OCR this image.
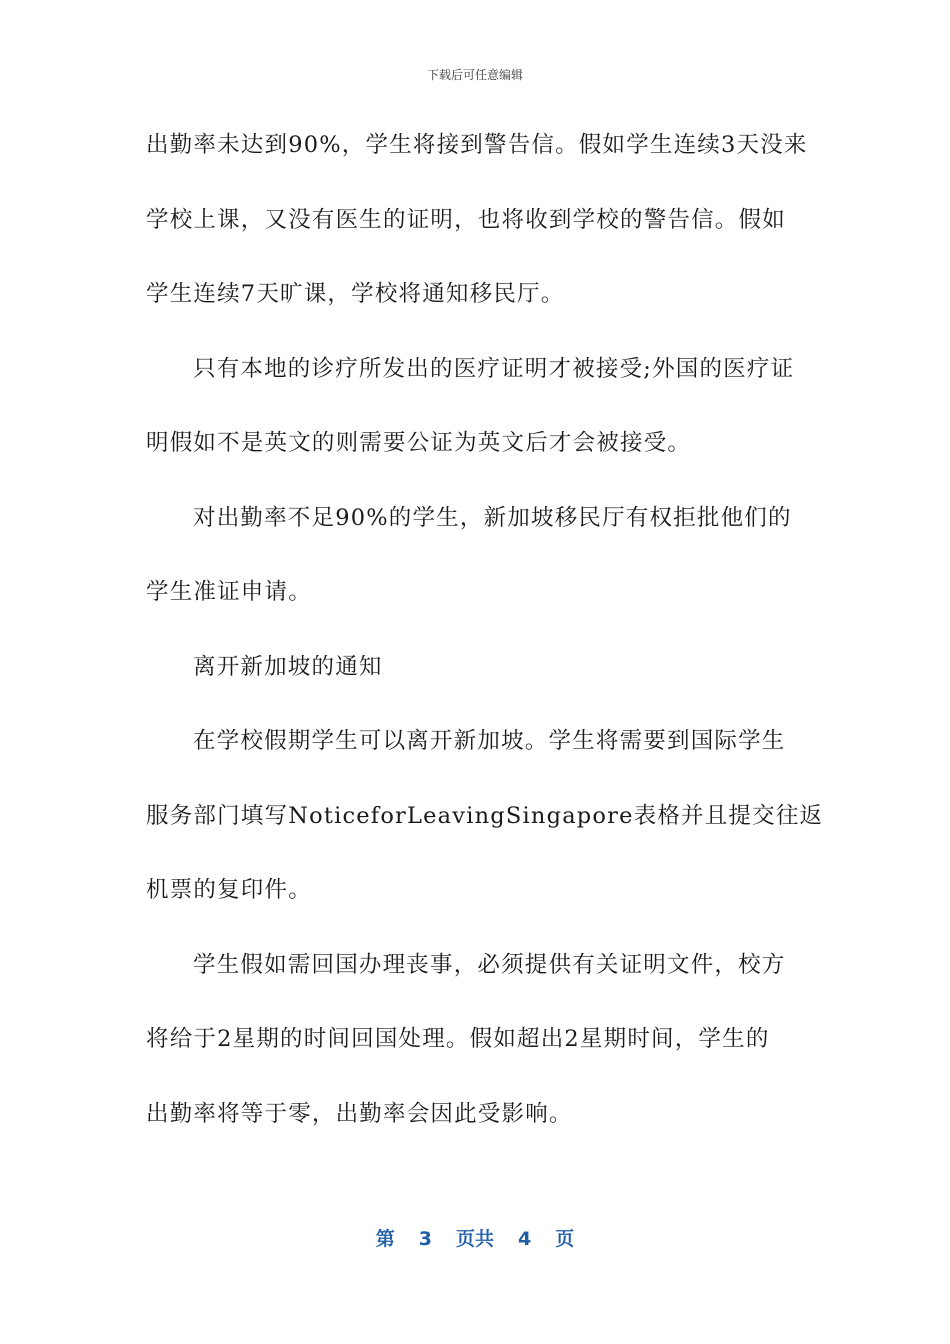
下载后可任意编辑
出勤率未达到90%，学生将接到警告信。假如学生连续3天没来
学校上课，又没有医生的证明，也将收到学校的警告信。假如
学生连续7天旷课，学校将通知移民厅。
只有本地的诊疗所发出的医疗证明才被接受;外国的医疗证
明假如不是英文的则需要公证为英文后才会被接受。
对出勤率不足90%的学生，新加坡移民厅有权拒批他们的
学生准证申请。
离开新加坡的通知
在学校假期学生可以离开新加坡。学生将需要到国际学生
服务部门填写NoticeforLeavingSingapore表格并且提交往返
机票的复印件。
学生假如需回国办理丧事，必须提供有关证明文件，校方
将给于2星期的时间回国处理。假如超出2星期时间，学生的
出勤率将等于零，出勤率会因此受影响。
第 3 页共 4 页
